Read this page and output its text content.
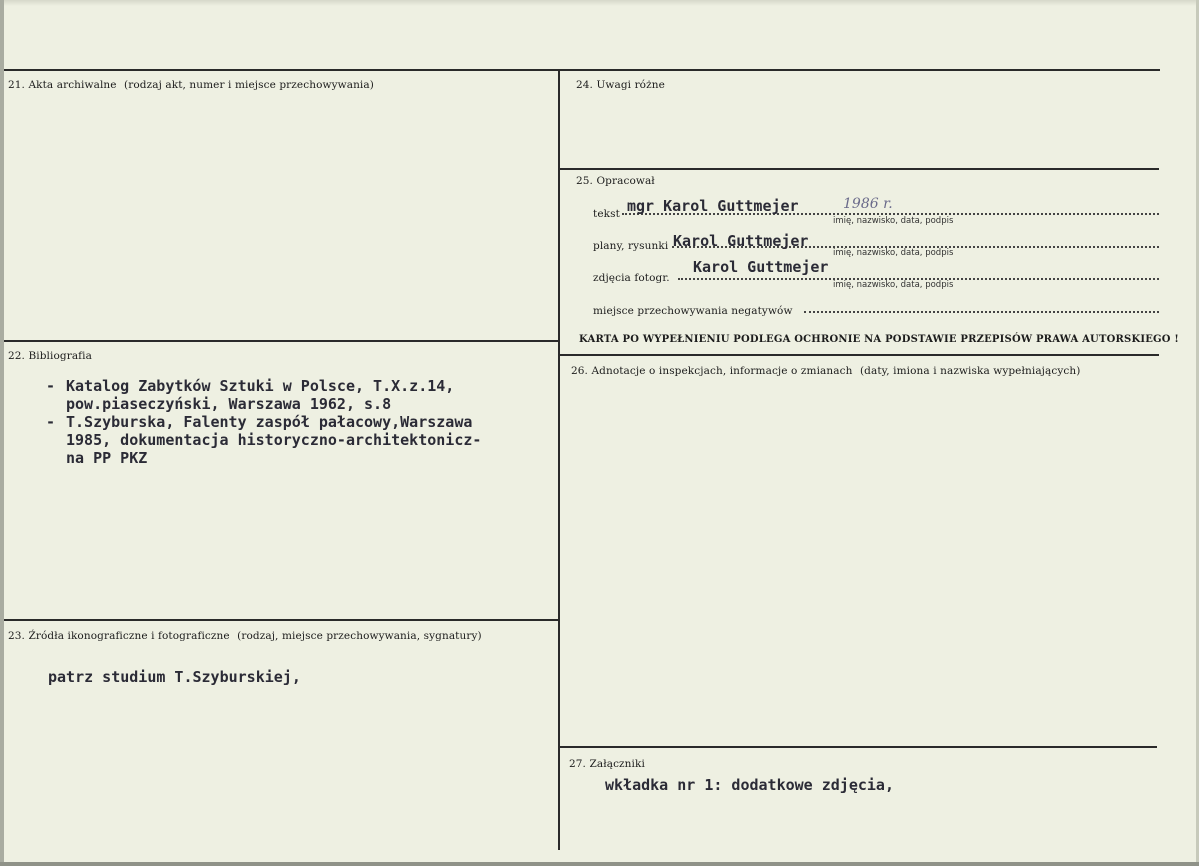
21. Akta archiwalne (rodzaj akt, numer i miejsce przechowywania)
22. Bibliografia
- Katalog Zabytków Sztuki w Polsce, T.X.z.14,
pow.piaseczyński, Warszawa 1962, s.8
- T.Szyburska, Falenty zaspół pałacowy,Warszawa
1985, dokumentacja historyczno-architektonicz-
na PP PKZ
23. Źródła ikonograficzne i fotograficzne (rodzaj, miejsce przechowywania, sygnatury)
patrz studium T.Szyburskiej,
24. Uwagi różne
25. Opracował
tekst mgr Karol Guttmejer	1986 r.
imię, nazwisko, data, podpis
plany, rysunki Karol Guttmejer
imię, nazwisko, data, podpis
zdjęcia fotogr.
Karol Guttmejer
imię, nazwisko, data, podpis
miejsce przechowywania negatywów
KARTA PO WYPEŁNIENIU PODLEGA OCHRONIE NA PODSTAWIE PRZEPISÓW PRAWA AUTORSKIEGO !
26. Adnotacje o inspekcjach, informacje o zmianach (daty, imiona i nazwiska wypełniających)
27. Załączniki
wkładka nr 1: dodatkowe zdjęcia,
